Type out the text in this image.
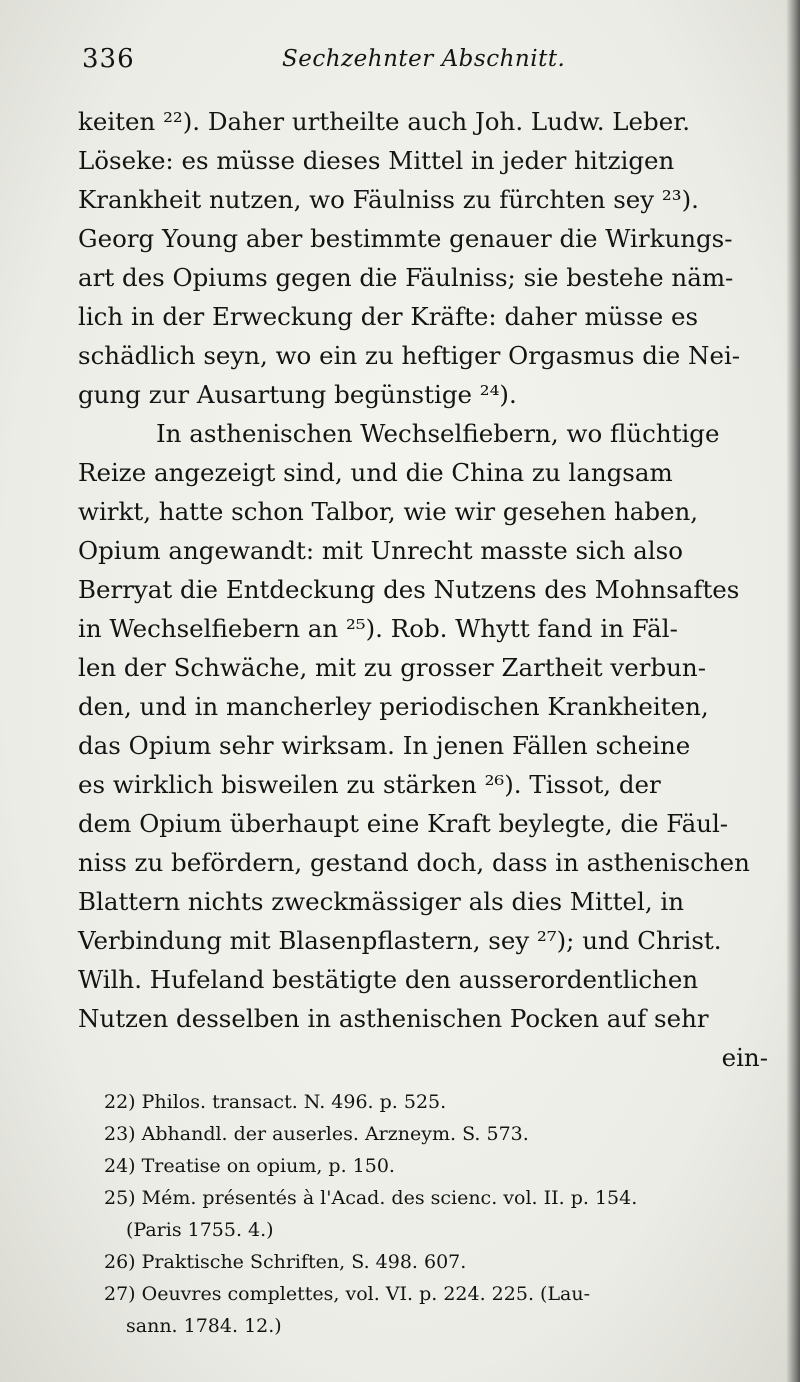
336	Sechzehnter Abschnitt.
keiten ²²). Daher urtheilte auch Joh. Ludw. Leber.
Löseke: es müsse dieses Mittel in jeder hitzigen
Krankheit nutzen, wo Fäulniss zu fürchten sey ²³).
Georg Young aber bestimmte genauer die Wirkungs-
art des Opiums gegen die Fäulniss; sie bestehe näm-
lich in der Erweckung der Kräfte: daher müsse es
schädlich seyn, wo ein zu heftiger Orgasmus die Nei-
gung zur Ausartung begünstige ²⁴).
In asthenischen Wechselfiebern, wo flüchtige
Reize angezeigt sind, und die China zu langsam
wirkt, hatte schon Talbor, wie wir gesehen haben,
Opium angewandt: mit Unrecht masste sich also
Berryat die Entdeckung des Nutzens des Mohnsaftes
in Wechselfiebern an ²⁵). Rob. Whytt fand in Fäl-
len der Schwäche, mit zu grosser Zartheit verbun-
den, und in mancherley periodischen Krankheiten,
das Opium sehr wirksam. In jenen Fällen scheine
es wirklich bisweilen zu stärken ²⁶). Tissot, der
dem Opium überhaupt eine Kraft beylegte, die Fäul-
niss zu befördern, gestand doch, dass in asthenischen
Blattern nichts zweckmässiger als dies Mittel, in
Verbindung mit Blasenpflastern, sey ²⁷); und Christ.
Wilh. Hufeland bestätigte den ausserordentlichen
Nutzen desselben in asthenischen Pocken auf sehr
ein-
22) Philos. transact. N. 496. p. 525.
23) Abhandl. der auserles. Arzneym. S. 573.
24) Treatise on opium, p. 150.
25) Mém. présentés à l'Acad. des scienc. vol. II. p. 154.
(Paris 1755. 4.)
26) Praktische Schriften, S. 498. 607.
27) Oeuvres complettes, vol. VI. p. 224. 225. (Lau-
sann. 1784. 12.)
